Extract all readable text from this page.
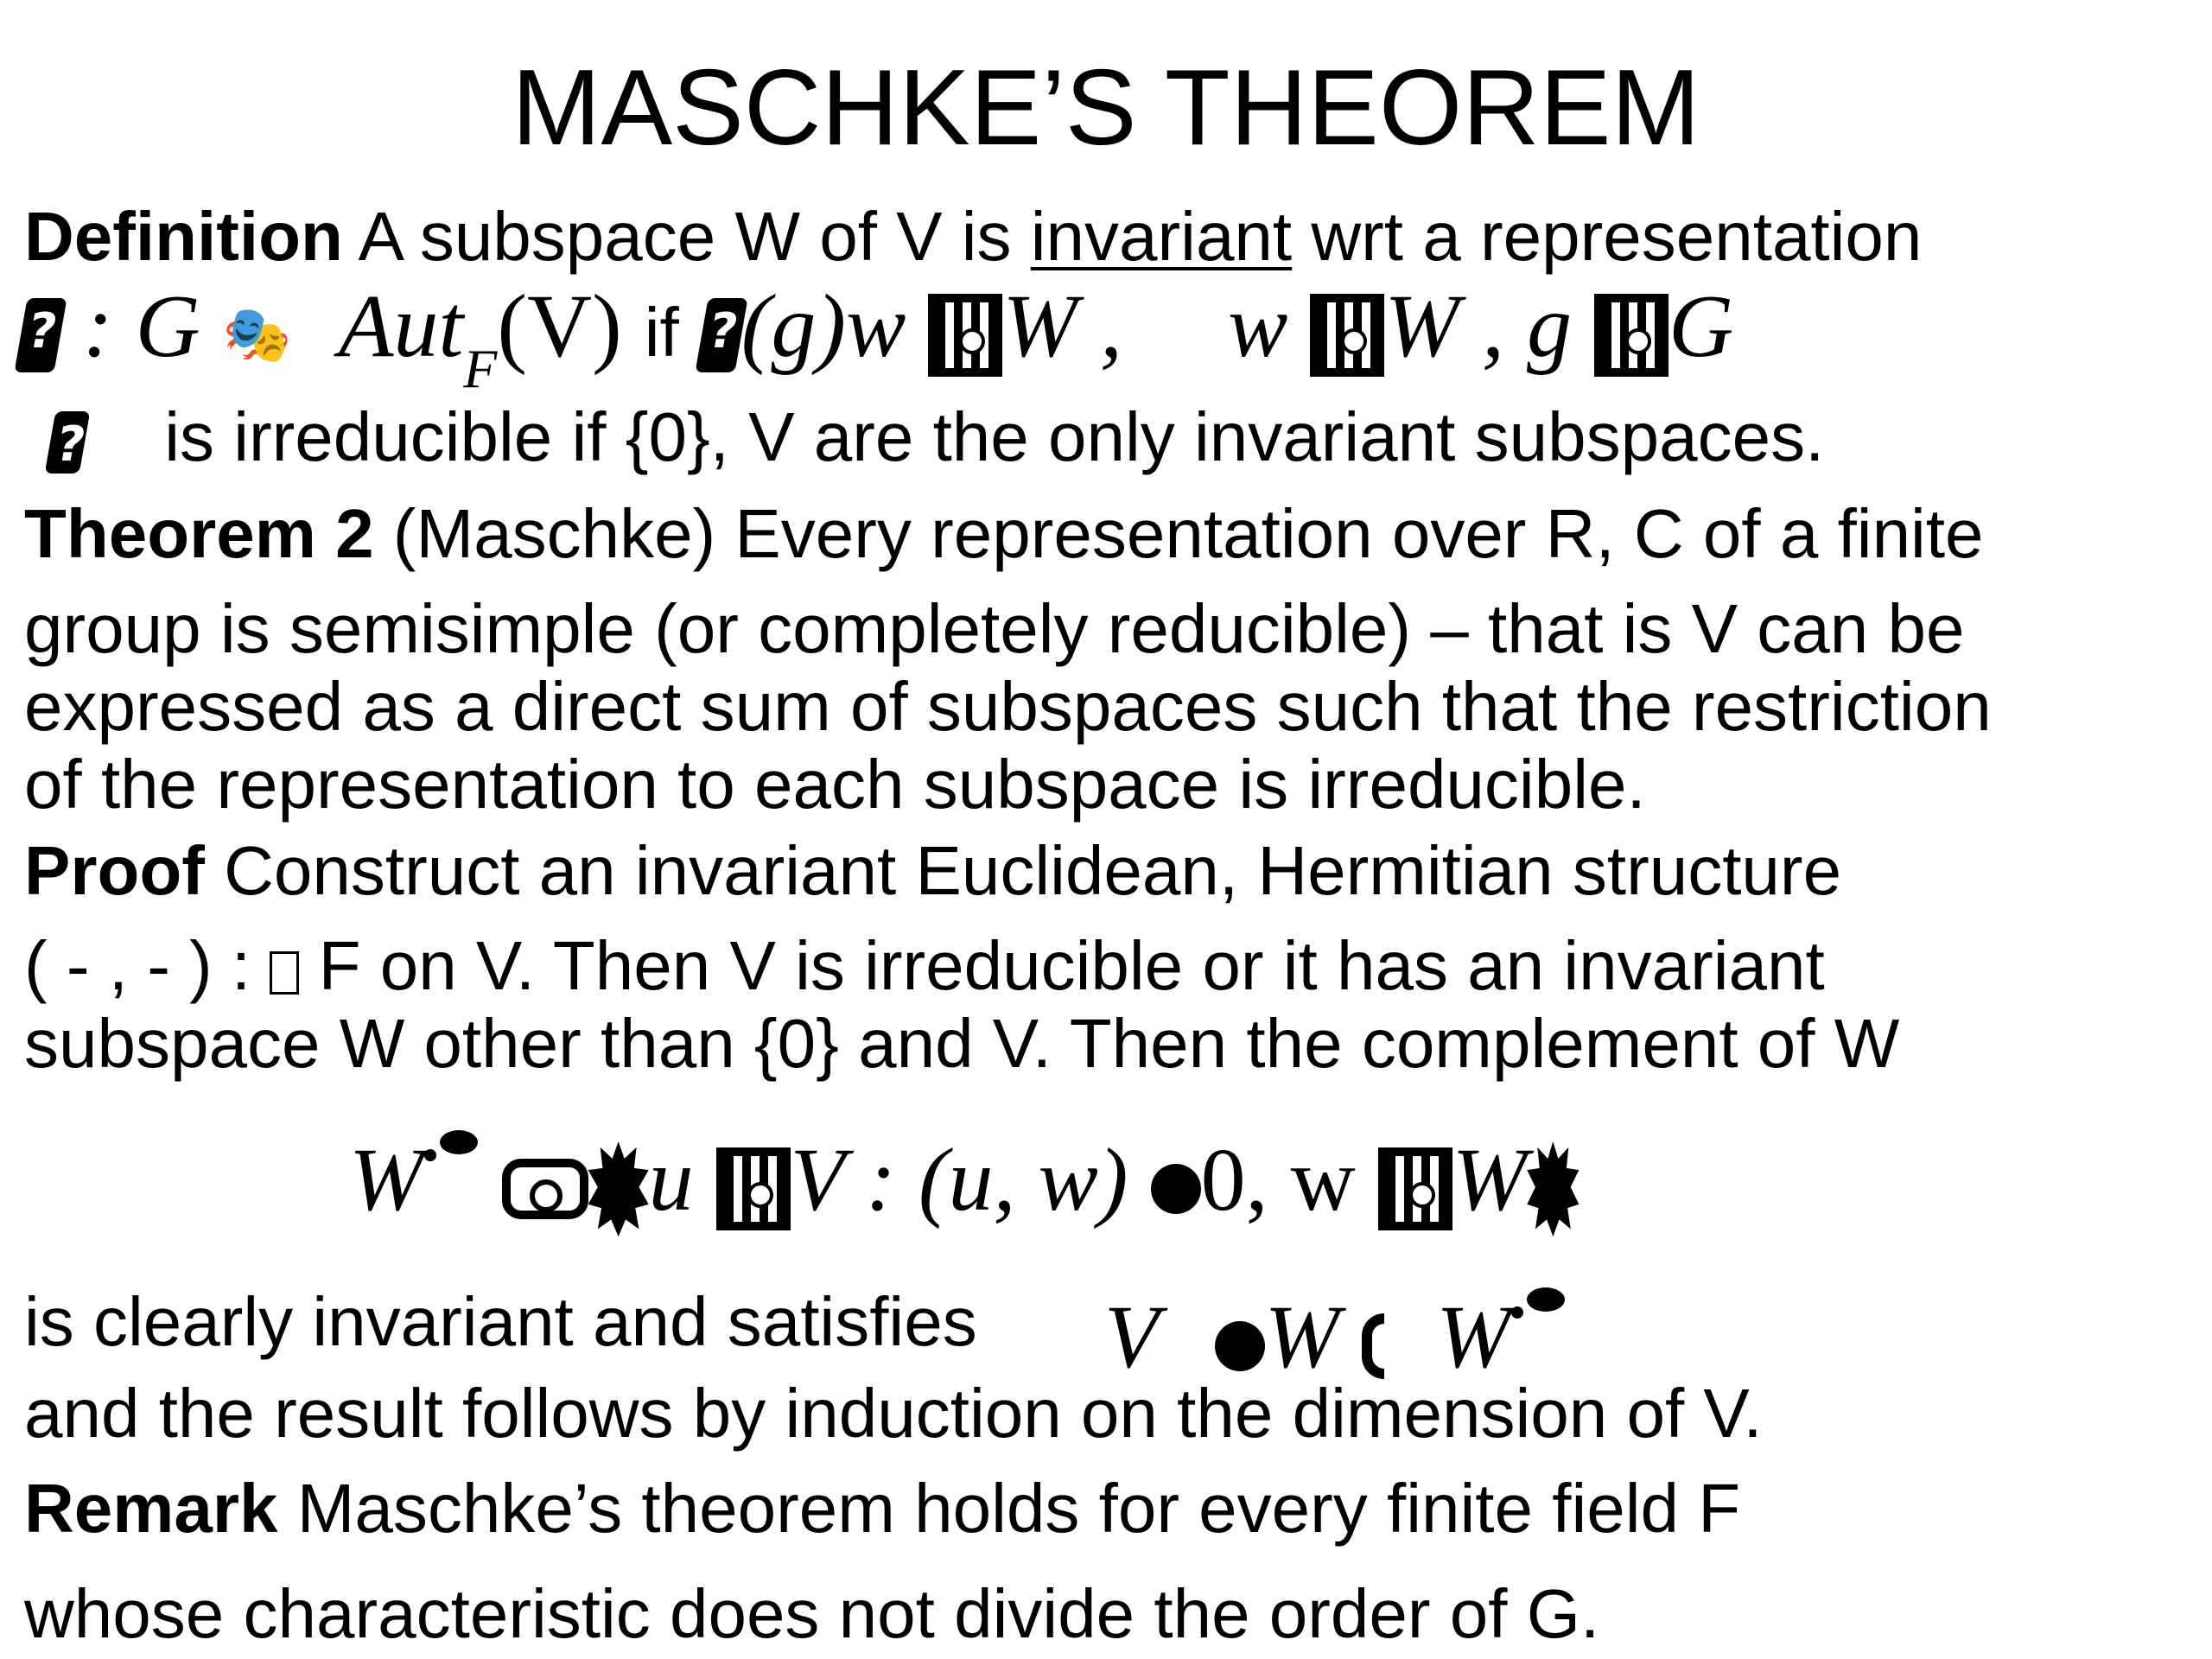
MASCHKE’S THEOREM
Definition A subspace W of V is invariant wrt a representation
? : G 🎭 Aut$_F$(V) if ? (g)w W , w W , g G
? is irreducible if {0}, V are the only invariant subspaces.
Theorem 2 (Maschke) Every representation over R, C of a finite
group is semisimple (or completely reducible) – that is V can be
expressed as a direct sum of subspaces such that the restriction
of the representation to each subspace is irreducible.
Proof Construct an invariant Euclidean, Hermitian structure
( - , - ) :  F on V. Then V is irreducible or it has an invariant
subspace W other than {0} and V. Then the complement of W
W	u V : (u, w) 0, w W
is clearly invariant and satisfies V W W
and the result follows by induction on the dimension of V.
Remark Maschke’s theorem holds for every finite field F
whose characteristic does not divide the order of G.
